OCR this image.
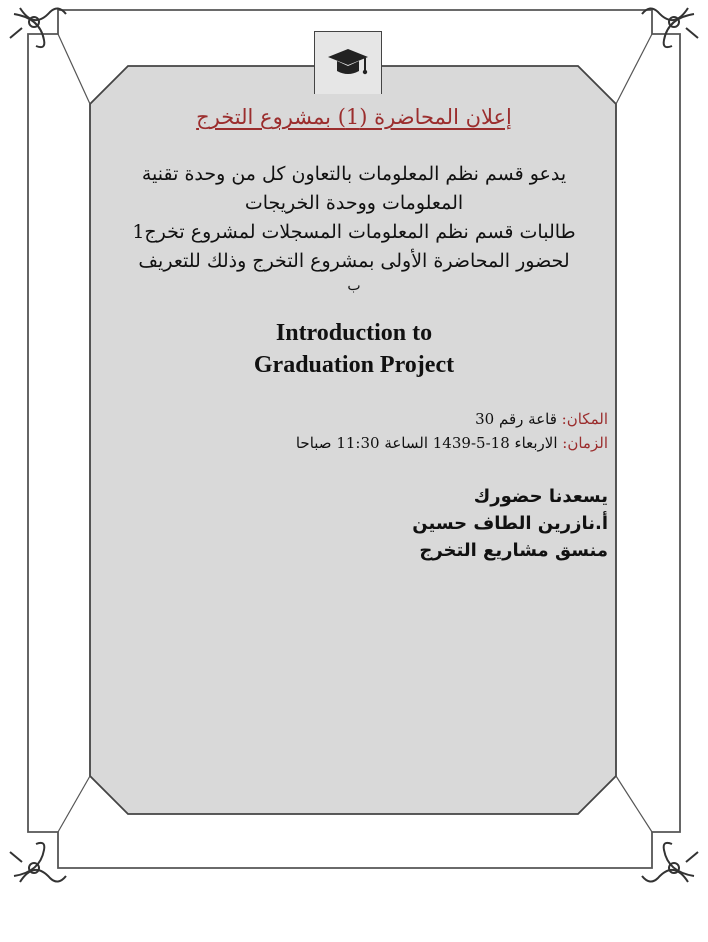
إعلان المحاضرة (1) بمشروع التخرج
يدعو قسم نظم المعلومات بالتعاون كل من وحدة تقنية
المعلومات ووحدة الخريجات
طالبات قسم نظم المعلومات المسجلات لمشروع تخرج1
لحضور المحاضرة الأولى بمشروع التخرج وذلك للتعريف
ب
Introduction to
Graduation Project
المكان: قاعة رقم 30
الزمان: الاربعاء 18-5-1439 الساعة 11:30 صباحا
يسعدنا حضورك
أ.نازرين الطاف حسين
منسق مشاريع التخرج
